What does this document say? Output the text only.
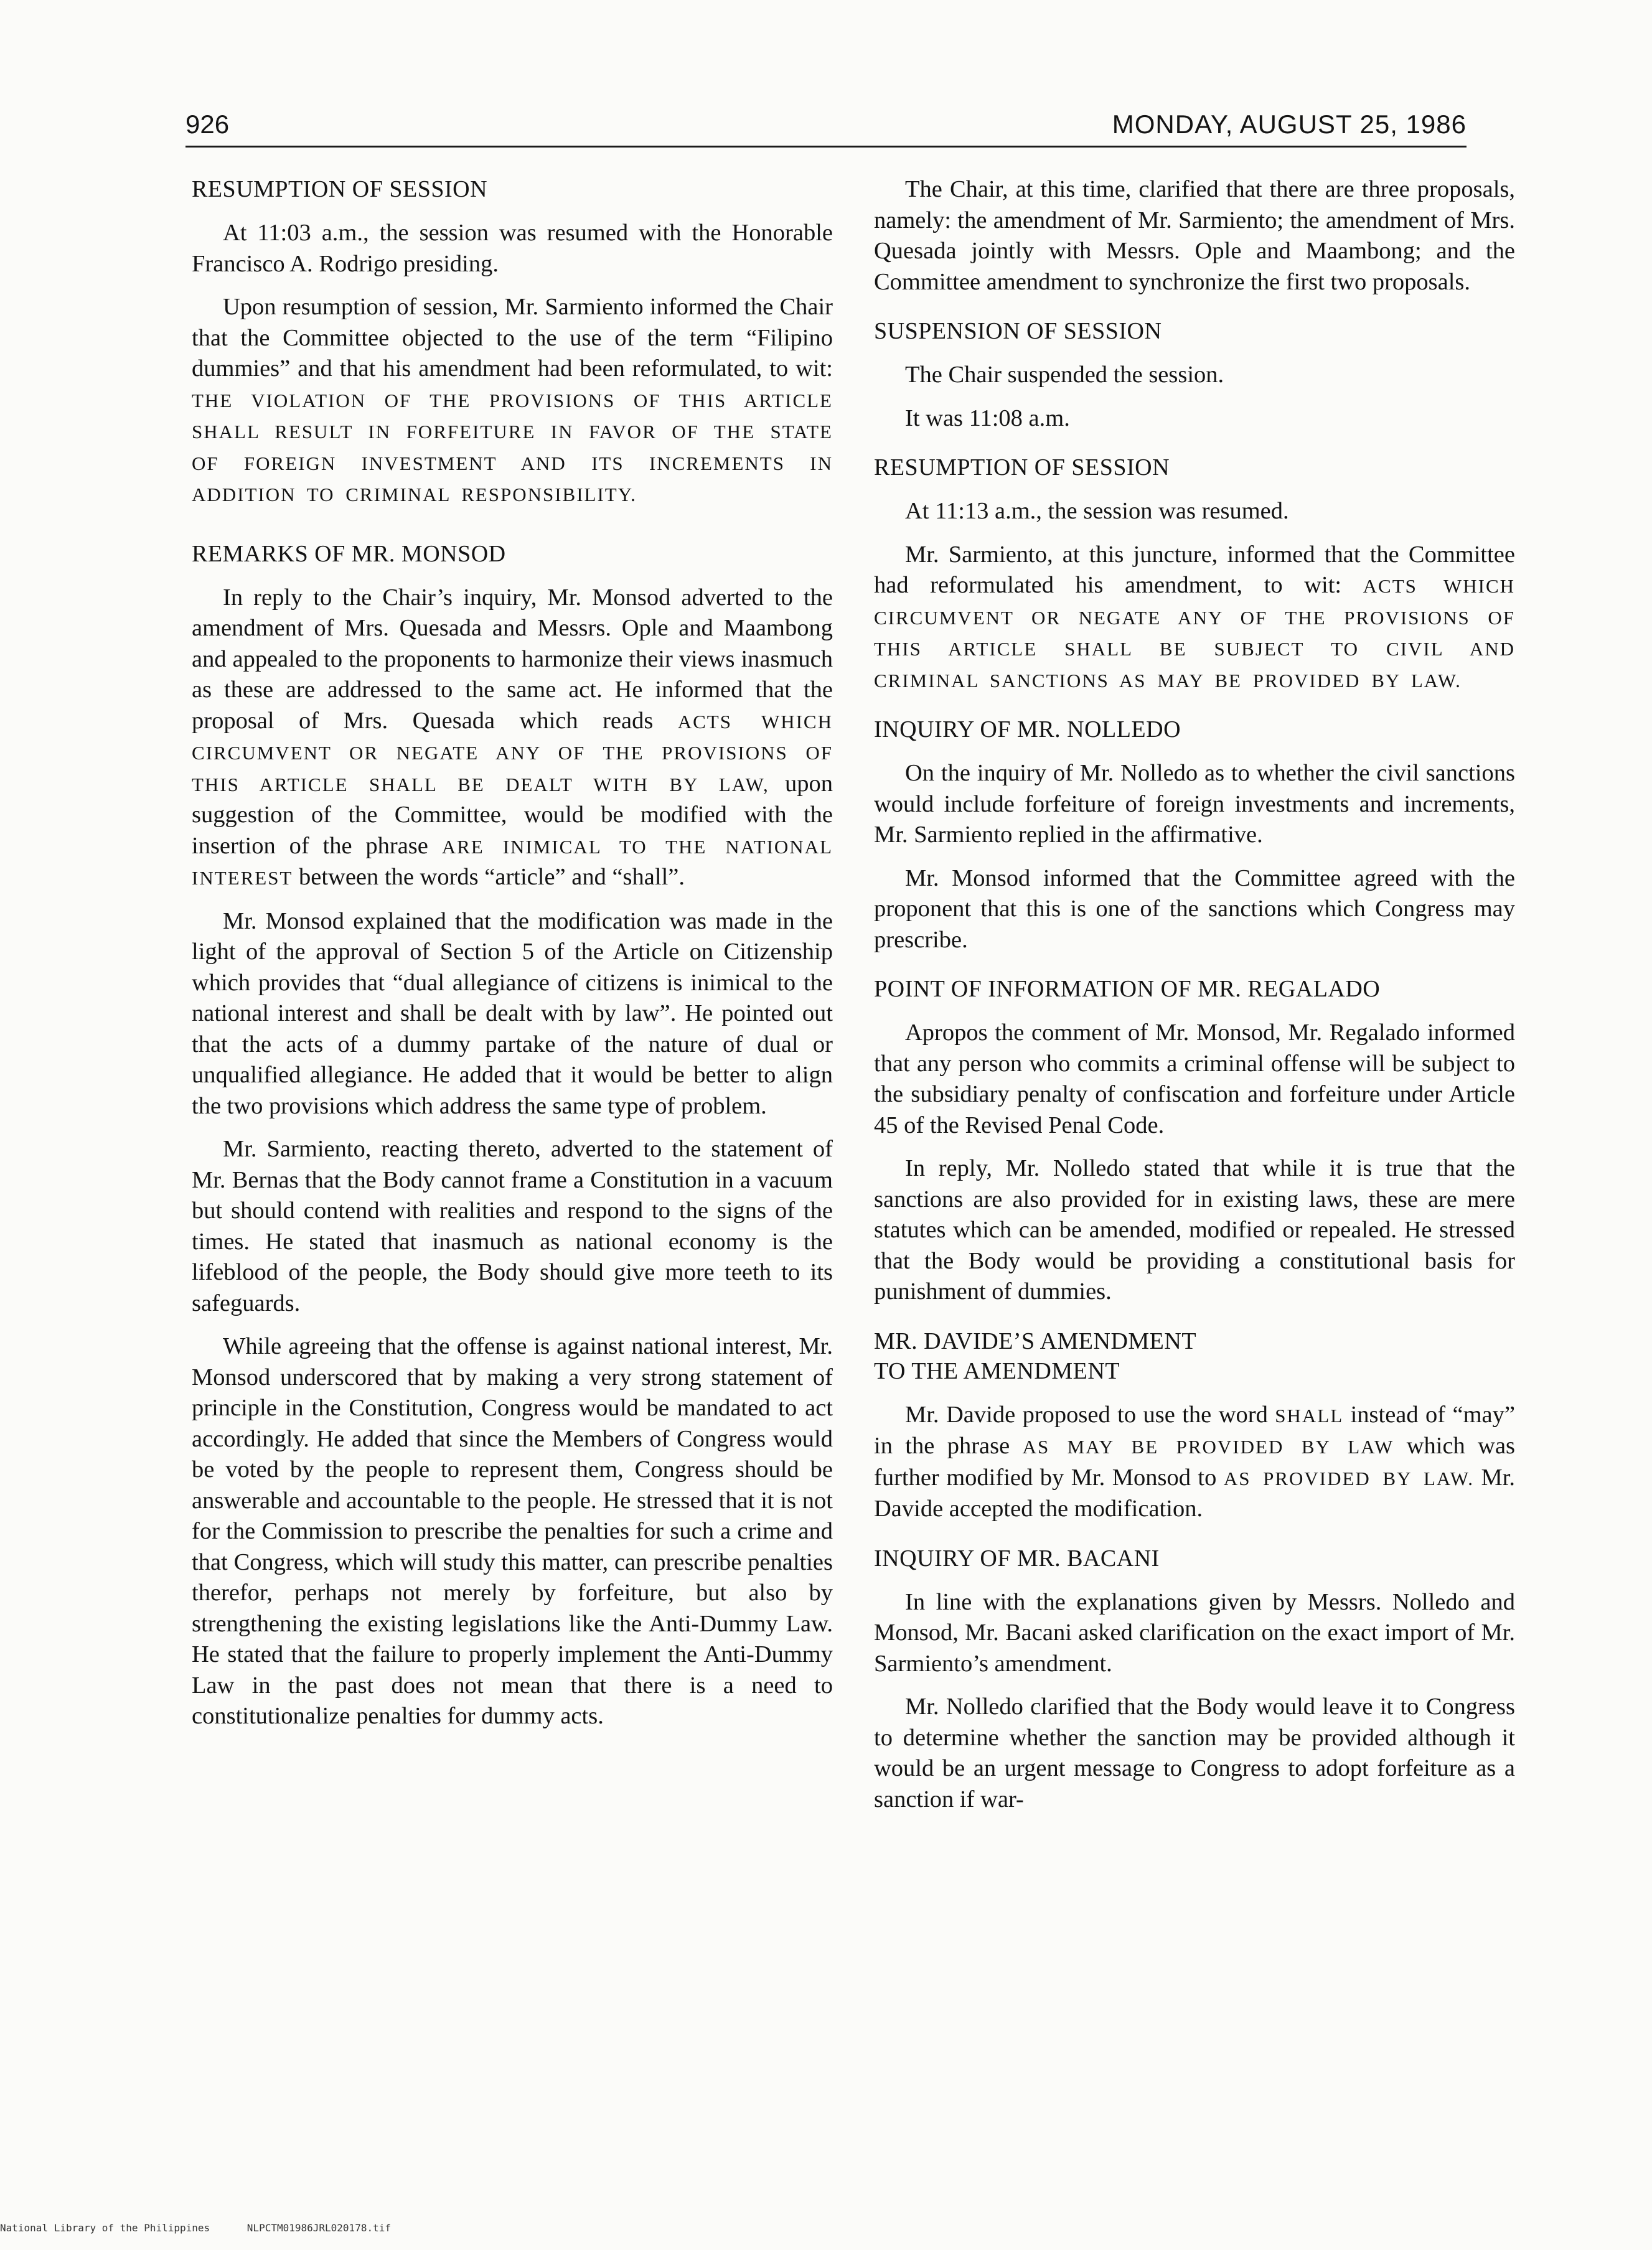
926	MONDAY, AUGUST 25, 1986
RESUMPTION OF SESSION

At 11:03 a.m., the session was resumed with the Honorable Francisco A. Rodrigo presiding.

Upon resumption of session, Mr. Sarmiento informed the Chair that the Committee objected to the use of the term “Filipino dummies” and that his amendment had been reformulated, to wit: THE VIOLATION OF THE PROVISIONS OF THIS ARTICLE SHALL RESULT IN FORFEITURE IN FAVOR OF THE STATE OF FOREIGN INVESTMENT AND ITS INCREMENTS IN ADDITION TO CRIMINAL RESPONSIBILITY.

REMARKS OF MR. MONSOD

In reply to the Chair’s inquiry, Mr. Monsod adverted to the amendment of Mrs. Quesada and Messrs. Ople and Maambong and appealed to the proponents to harmonize their views inasmuch as these are addressed to the same act. He informed that the proposal of Mrs. Quesada which reads ACTS WHICH CIRCUMVENT OR NEGATE ANY OF THE PROVISIONS OF THIS ARTICLE SHALL BE DEALT WITH BY LAW, upon suggestion of the Committee, would be modified with the insertion of the phrase ARE INIMICAL TO THE NATIONAL INTEREST between the words “article” and “shall”.

Mr. Monsod explained that the modification was made in the light of the approval of Section 5 of the Article on Citizenship which provides that “dual allegiance of citizens is inimical to the national interest and shall be dealt with by law”. He pointed out that the acts of a dummy partake of the nature of dual or unqualified allegiance. He added that it would be better to align the two provisions which address the same type of problem.

Mr. Sarmiento, reacting thereto, adverted to the statement of Mr. Bernas that the Body cannot frame a Constitution in a vacuum but should contend with realities and respond to the signs of the times. He stated that inasmuch as national economy is the lifeblood of the people, the Body should give more teeth to its safeguards.

While agreeing that the offense is against national interest, Mr. Monsod underscored that by making a very strong statement of principle in the Constitution, Congress would be mandated to act accordingly. He added that since the Members of Congress would be voted by the people to represent them, Congress should be answerable and accountable to the people. He stressed that it is not for the Commission to prescribe the penalties for such a crime and that Congress, which will study this matter, can prescribe penalties therefor, perhaps not merely by forfeiture, but also by strengthening the existing legislations like the Anti-Dummy Law. He stated that the failure to properly implement the Anti-Dummy Law in the past does not mean that there is a need to constitutionalize penalties for dummy acts.

The Chair, at this time, clarified that there are three proposals, namely: the amendment of Mr. Sarmiento; the amendment of Mrs. Quesada jointly with Messrs. Ople and Maambong; and the Committee amendment to synchronize the first two proposals.

SUSPENSION OF SESSION

The Chair suspended the session.

It was 11:08 a.m.

RESUMPTION OF SESSION

At 11:13 a.m., the session was resumed.

Mr. Sarmiento, at this juncture, informed that the Committee had reformulated his amendment, to wit: ACTS WHICH CIRCUMVENT OR NEGATE ANY OF THE PROVISIONS OF THIS ARTICLE SHALL BE SUBJECT TO CIVIL AND CRIMINAL SANCTIONS AS MAY BE PROVIDED BY LAW.

INQUIRY OF MR. NOLLEDO

On the inquiry of Mr. Nolledo as to whether the civil sanctions would include forfeiture of foreign investments and increments, Mr. Sarmiento replied in the affirmative.

Mr. Monsod informed that the Committee agreed with the proponent that this is one of the sanctions which Congress may prescribe.

POINT OF INFORMATION OF MR. REGALADO

Apropos the comment of Mr. Monsod, Mr. Regalado informed that any person who commits a criminal offense will be subject to the subsidiary penalty of confiscation and forfeiture under Article 45 of the Revised Penal Code.

In reply, Mr. Nolledo stated that while it is true that the sanctions are also provided for in existing laws, these are mere statutes which can be amended, modified or repealed. He stressed that the Body would be providing a constitutional basis for punishment of dummies.

MR. DAVIDE’S AMENDMENT
TO THE AMENDMENT

Mr. Davide proposed to use the word SHALL instead of “may” in the phrase AS MAY BE PROVIDED BY LAW which was further modified by Mr. Monsod to AS PROVIDED BY LAW. Mr. Davide accepted the modification.

INQUIRY OF MR. BACANI

In line with the explanations given by Messrs. Nolledo and Monsod, Mr. Bacani asked clarification on the exact import of Mr. Sarmiento’s amendment.

Mr. Nolledo clarified that the Body would leave it to Congress to determine whether the sanction may be provided although it would be an urgent message to Congress to adopt forfeiture as a sanction if war-

National Library of the Philippines	NLPCTM01986JRL020178.tif
